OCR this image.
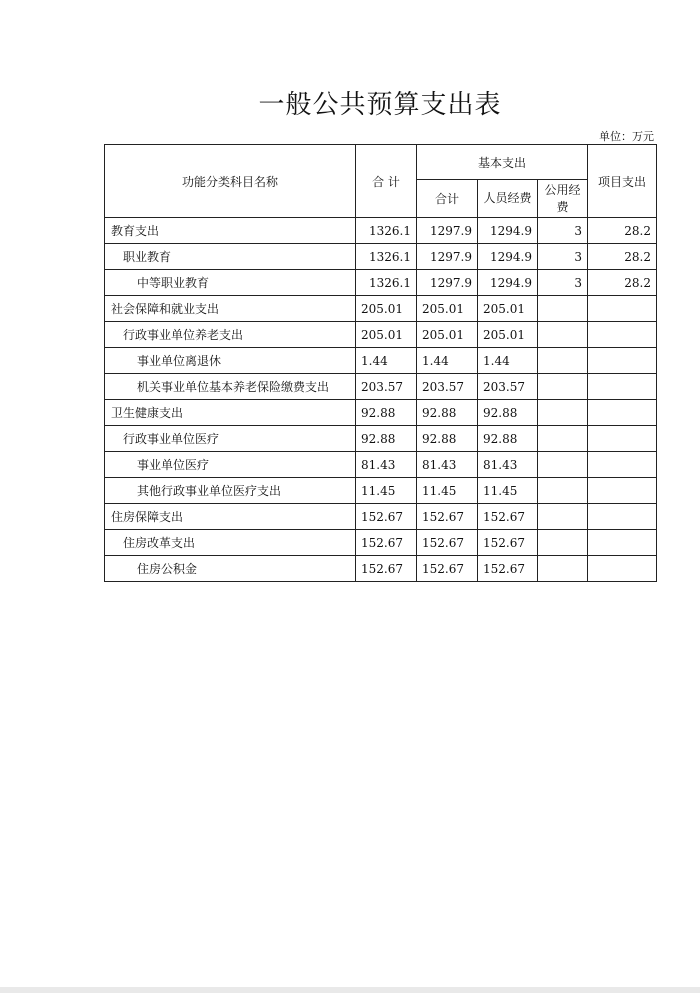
一般公共预算支出表
单位：万元
功能分类科目名称	合 计	基本支出			项目支出
		合计	人员经费	公用经费	
教育支出	1326.1	1297.9	1294.9	3	28.2
职业教育	1326.1	1297.9	1294.9	3	28.2
中等职业教育	1326.1	1297.9	1294.9	3	28.2
社会保障和就业支出	205.01	205.01	205.01		
行政事业单位养老支出	205.01	205.01	205.01		
事业单位离退休	1.44	1.44	1.44		
机关事业单位基本养老保险缴费支出	203.57	203.57	203.57		
卫生健康支出	92.88	92.88	92.88		
行政事业单位医疗	92.88	92.88	92.88		
事业单位医疗	81.43	81.43	81.43		
其他行政事业单位医疗支出	11.45	11.45	11.45		
住房保障支出	152.67	152.67	152.67		
住房改革支出	152.67	152.67	152.67		
住房公积金	152.67	152.67	152.67		
